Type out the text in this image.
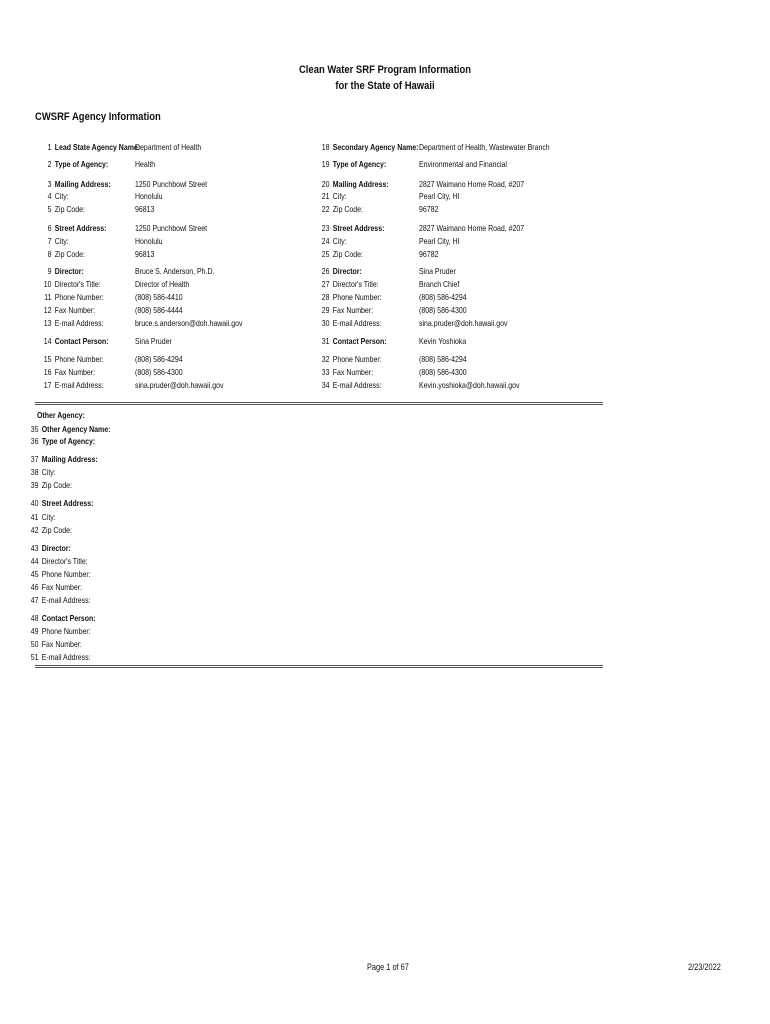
Clean Water SRF Program Information
for the State of Hawaii
CWSRF Agency Information
1 Lead State Agency Name:
Department of Health
2 Type of Agency:	Health
3 Mailing Address:	1250 Punchbowl Street
4 City:	Honolulu
5 Zip Code:	96813
6 Street Address:	1250 Punchbowl Street
7 City:	Honolulu
8 Zip Code:	96813
9 Director:	Bruce S. Anderson, Ph.D.
10 Director's Title:	Director of Health
11 Phone Number:	(808) 586-4410
12 Fax Number:	(808) 586-4444
13 E-mail Address:	bruce.s.anderson@doh.hawaii.gov
14 Contact Person:	Sina Pruder
15 Phone Number:	(808) 586-4294
16 Fax Number:	(808) 586-4300
17 E-mail Address:	sina.pruder@doh.hawaii.gov
18 Secondary Agency Name: Department of Health, Wastewater Branch
19 Type of Agency:	Environmental and Financial
20 Mailing Address:	2827 Waimano Home Road, #207
21 City:	Pearl City, HI
22 Zip Code:	96782
23 Street Address:	2827 Waimano Home Road, #207
24 City:	Pearl City, HI
25 Zip Code:	96782
26 Director:	Sina Pruder
27 Director's Title:	Branch Chief
28 Phone Number:	(808) 586-4294
29 Fax Number:	(808) 586-4300
30 E-mail Address:	sina.pruder@doh.hawaii.gov
31 Contact Person:	Kevin Yoshioka
32 Phone Number:	(808) 586-4294
33 Fax Number:	(808) 586-4300
34 E-mail Address:	Kevin.yoshioka@doh.hawaii.gov
Other Agency:
35 Other Agency Name:
36 Type of Agency:
37 Mailing Address:
38 City:
39 Zip Code:
40 Street Address:
41 City:
42 Zip Code:
43 Director:
44 Director's Title:
45 Phone Number:
46 Fax Number:
47 E-mail Address:
48 Contact Person:
49 Phone Number:
50 Fax Number:
51 E-mail Address:
Page 1 of 67	2/23/2022
